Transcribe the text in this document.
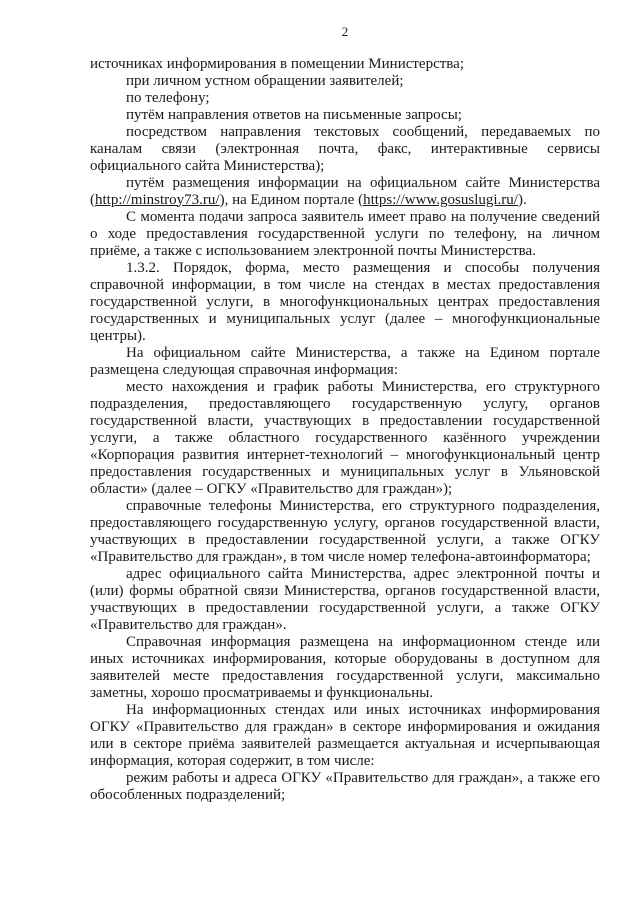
2

источниках информирования в помещении Министерства;

при личном устном обращении заявителей;

по телефону;

путём направления ответов на письменные запросы;

посредством направления текстовых сообщений, передаваемых по каналам связи (электронная почта, факс, интерактивные сервисы официального сайта Министерства);

путём размещения информации на официальном сайте Министерства (http://minstroy73.ru/), на Едином портале (https://www.gosuslugi.ru/).

С момента подачи запроса заявитель имеет право на получение сведений о ходе предоставления государственной услуги по телефону, на личном приёме, а также с использованием электронной почты Министерства.

1.3.2. Порядок, форма, место размещения и способы получения справочной информации, в том числе на стендах в местах предоставления государственной услуги, в многофункциональных центрах предоставления государственных и муниципальных услуг (далее – многофункциональные центры).

На официальном сайте Министерства, а также на Едином портале размещена следующая справочная информация:

место нахождения и график работы Министерства, его структурного подразделения, предоставляющего государственную услугу, органов государственной власти, участвующих в предоставлении государственной услуги, а также областного государственного казённого учреждении «Корпорация развития интернет-технологий – многофункциональный центр предоставления государственных и муниципальных услуг в Ульяновской области» (далее – ОГКУ «Правительство для граждан»);

справочные телефоны Министерства, его структурного подразделения, предоставляющего государственную услугу, органов государственной власти, участвующих в предоставлении государственной услуги, а также ОГКУ «Правительство для граждан», в том числе номер телефона-автоинформатора;

адрес официального сайта Министерства, адрес электронной почты и (или) формы обратной связи Министерства, органов государственной власти, участвующих в предоставлении государственной услуги, а также ОГКУ «Правительство для граждан».

Справочная информация размещена на информационном стенде или иных источниках информирования, которые оборудованы в доступном для заявителей месте предоставления государственной услуги, максимально заметны, хорошо просматриваемы и функциональны.

На информационных стендах или иных источниках информирования ОГКУ «Правительство для граждан» в секторе информирования и ожидания или в секторе приёма заявителей размещается актуальная и исчерпывающая информация, которая содержит, в том числе:

режим работы и адреса ОГКУ «Правительство для граждан», а также его обособленных подразделений;
